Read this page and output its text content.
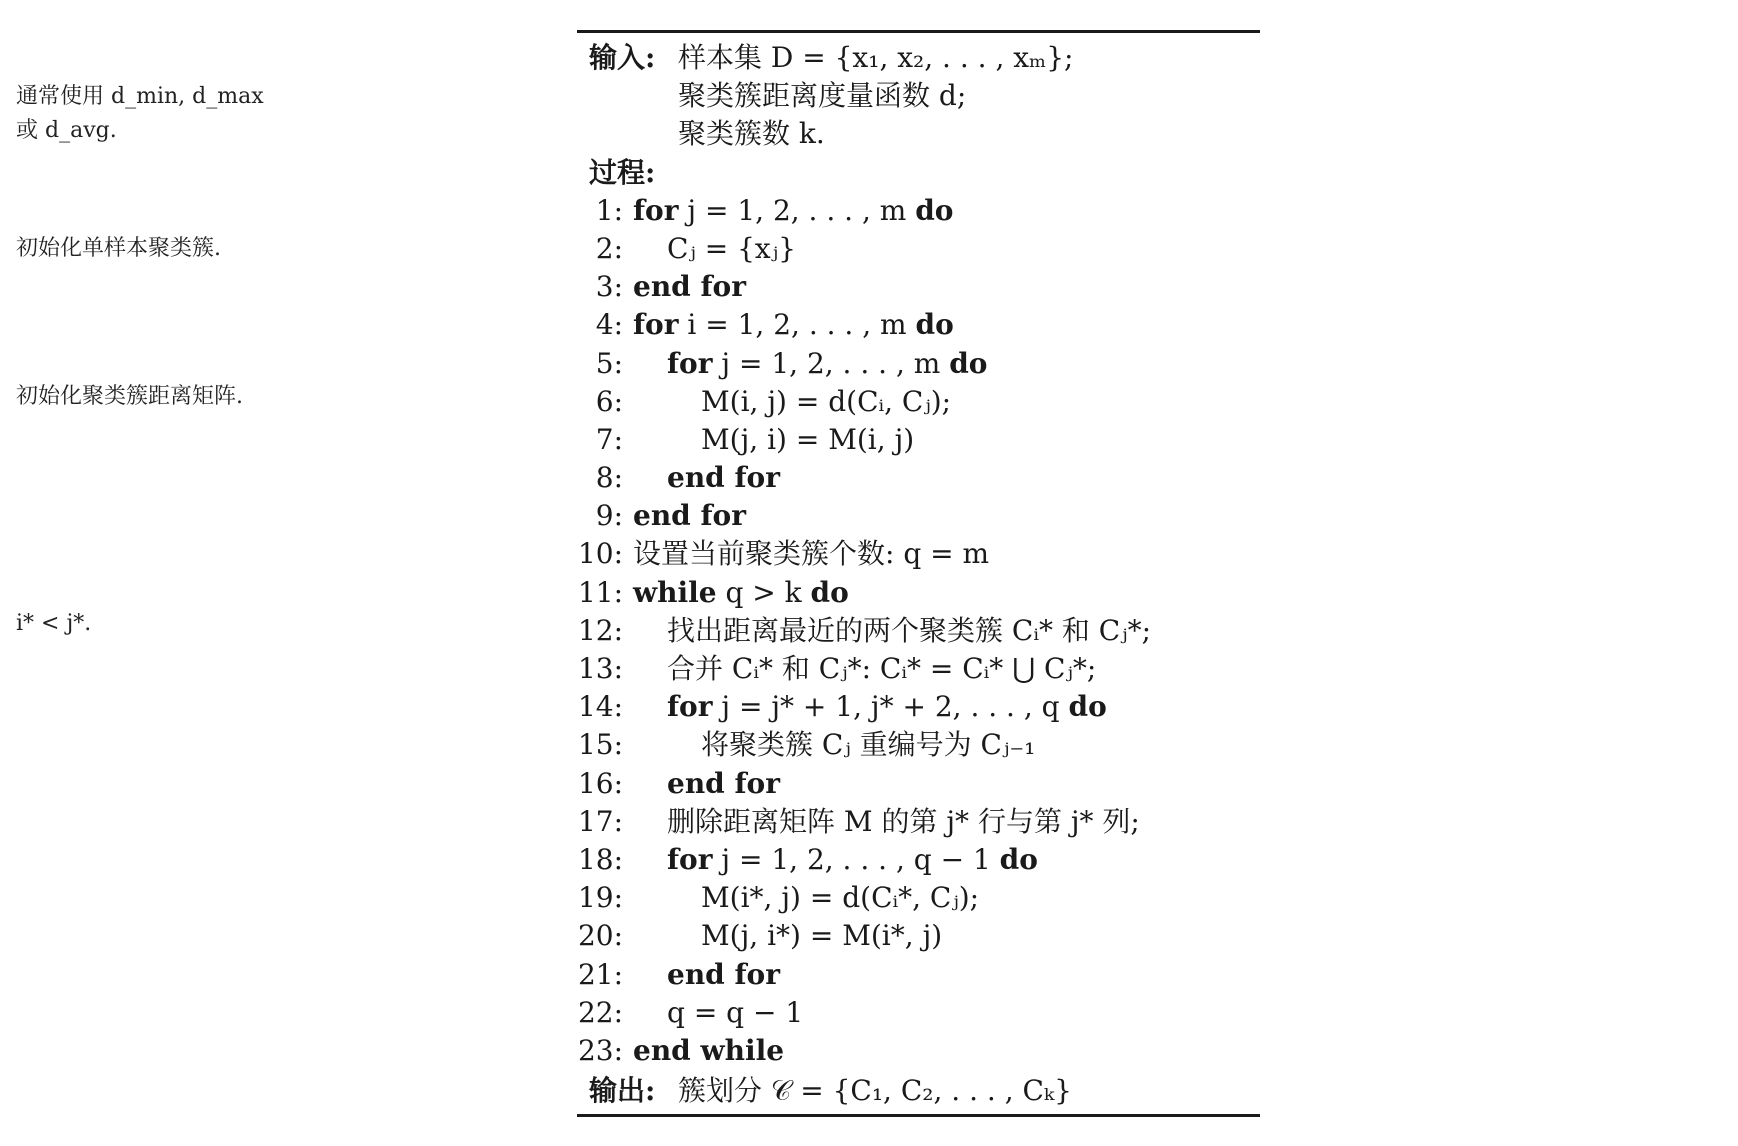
通常使用 d_min, d_max
或 d_avg.
初始化单样本聚类簇.
初始化聚类簇距离矩阵.
i* < j*.
输入: 样本集 D = {x₁, x₂, . . . , xₘ};
聚类簇距离度量函数 d;
聚类簇数 k.
过程:
1: for j = 1, 2, . . . , m do
2: Cⱼ = {xⱼ}
3: end for
4: for i = 1, 2, . . . , m do
5: for j = 1, 2, . . . , m do
6:	M(i, j) = d(Cᵢ, Cⱼ);
7:	M(j, i) = M(i, j)
8: end for
9: end for
10: 设置当前聚类簇个数: q = m
11: while q > k do
12: 找出距离最近的两个聚类簇 Cᵢ* 和 Cⱼ*;
13: 合并 Cᵢ* 和 Cⱼ*: Cᵢ* = Cᵢ* ⋃ Cⱼ*;
14: for j = j* + 1, j* + 2, . . . , q do
15:	将聚类簇 Cⱼ 重编号为 Cⱼ₋₁
16: end for
17: 删除距离矩阵 M 的第 j* 行与第 j* 列;
18: for j = 1, 2, . . . , q − 1 do
19:	M(i*, j) = d(Cᵢ*, Cⱼ);
20:	M(j, i*) = M(i*, j)
21: end for
22: q = q − 1
23: end while
输出: 簇划分 𝒞 = {C₁, C₂, . . . , Cₖ}
